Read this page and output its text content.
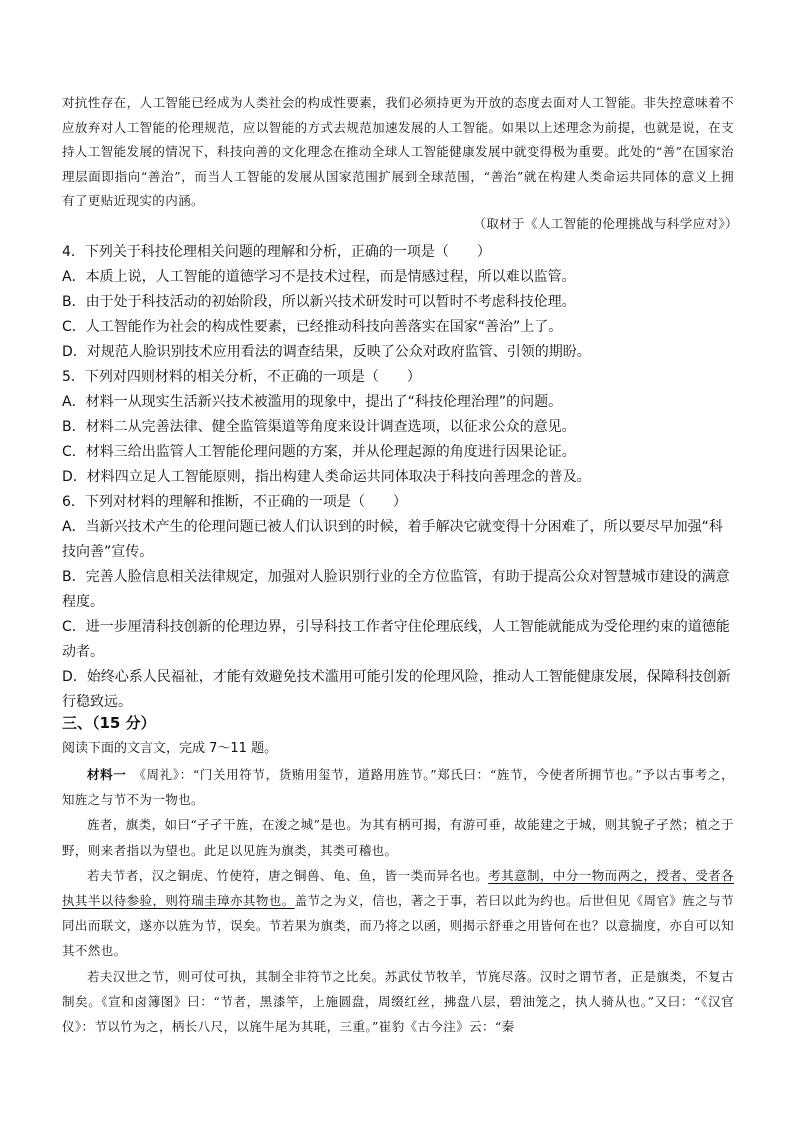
对抗性存在，人工智能已经成为人类社会的构成性要素，我们必须持更为开放的态度去面对人工智能。非失控意味着不应放弃对人工智能的伦理规范，应以智能的方式去规范加速发展的人工智能。如果以上述理念为前提，也就是说，在支持人工智能发展的情况下，科技向善的文化理念在推动全球人工智能健康发展中就变得极为重要。此处的“善”在国家治理层面即指向“善治”，而当人工智能的发展从国家范围扩展到全球范围，“善治”就在构建人类命运共同体的意义上拥有了更贴近现实的内涵。

（取材于《人工智能的伦理挑战与科学应对》）

4．下列关于科技伦理相关问题的理解和分析，正确的一项是（　　）

A．本质上说，人工智能的道德学习不是技术过程，而是情感过程，所以难以监管。

B．由于处于科技活动的初始阶段，所以新兴技术研发时可以暂时不考虑科技伦理。

C．人工智能作为社会的构成性要素，已经推动科技向善落实在国家“善治”上了。

D．对规范人脸识别技术应用看法的调查结果，反映了公众对政府监管、引领的期盼。

5．下列对四则材料的相关分析，不正确的一项是（　　）

A．材料一从现实生活新兴技术被滥用的现象中，提出了“科技伦理治理”的问题。

B．材料二从完善法律、健全监管渠道等角度来设计调查选项，以征求公众的意见。

C．材料三给出监管人工智能伦理问题的方案，并从伦理起源的角度进行因果论证。

D．材料四立足人工智能原则，指出构建人类命运共同体取决于科技向善理念的普及。

6．下列对材料的理解和推断，不正确的一项是（　　）

A．当新兴技术产生的伦理问题已被人们认识到的时候，着手解决它就变得十分困难了，所以要尽早加强“科技向善”宣传。

B．完善人脸信息相关法律规定，加强对人脸识别行业的全方位监管，有助于提高公众对智慧城市建设的满意程度。

C．进一步厘清科技创新的伦理边界，引导科技工作者守住伦理底线，人工智能就能成为受伦理约束的道德能动者。

D．始终心系人民福祉，才能有效避免技术滥用可能引发的伦理风险，推动人工智能健康发展，保障科技创新行稳致远。

三、（15 分）
阅读下面的文言文，完成 7～11 题。

材料一　 《周礼》：“门关用符节，货贿用玺节，道路用旌节。”郑氏曰：“旌节，今使者所拥节也。”予以古事考之，知旌之与节不为一物也。

旌者，旗类，如曰“孑孑干旌，在浚之城”是也。为其有柄可揭，有游可垂，故能建之于城，则其貌孑孑然；植之于野，则来者指以为望也。此足以见旌为旗类，其类可稽也。

若夫节者，汉之铜虎、竹使符，唐之铜兽、龟、鱼，皆一类而异名也。考其意制，中分一物而两之，授者、受者各执其半以待参验，则符瑞圭璋亦其物也。盖节之为义，信也，著之于事，若曰以此为约也。后世但见《周官》旌之与节同出而联文，遂亦以旌为节，误矣。节若果为旗类，而乃将之以函，则揭示舒垂之用皆何在也？以意揣度，亦自可以知其不然也。

若夫汉世之节，则可仗可执，其制全非符节之比矣。苏武仗节牧羊，节旄尽落。汉时之谓节者，正是旗类，不复古制矣。《宣和卤簿图》曰：“节者，黑漆竿，上施圆盘，周缀红丝，拂盘八层，碧油笼之，执人骑从也。”又曰：“《汉官仪》：节以竹为之，柄长八尺，以旄牛尾为其毦，三重。”崔豹《古今注》云：“秦
